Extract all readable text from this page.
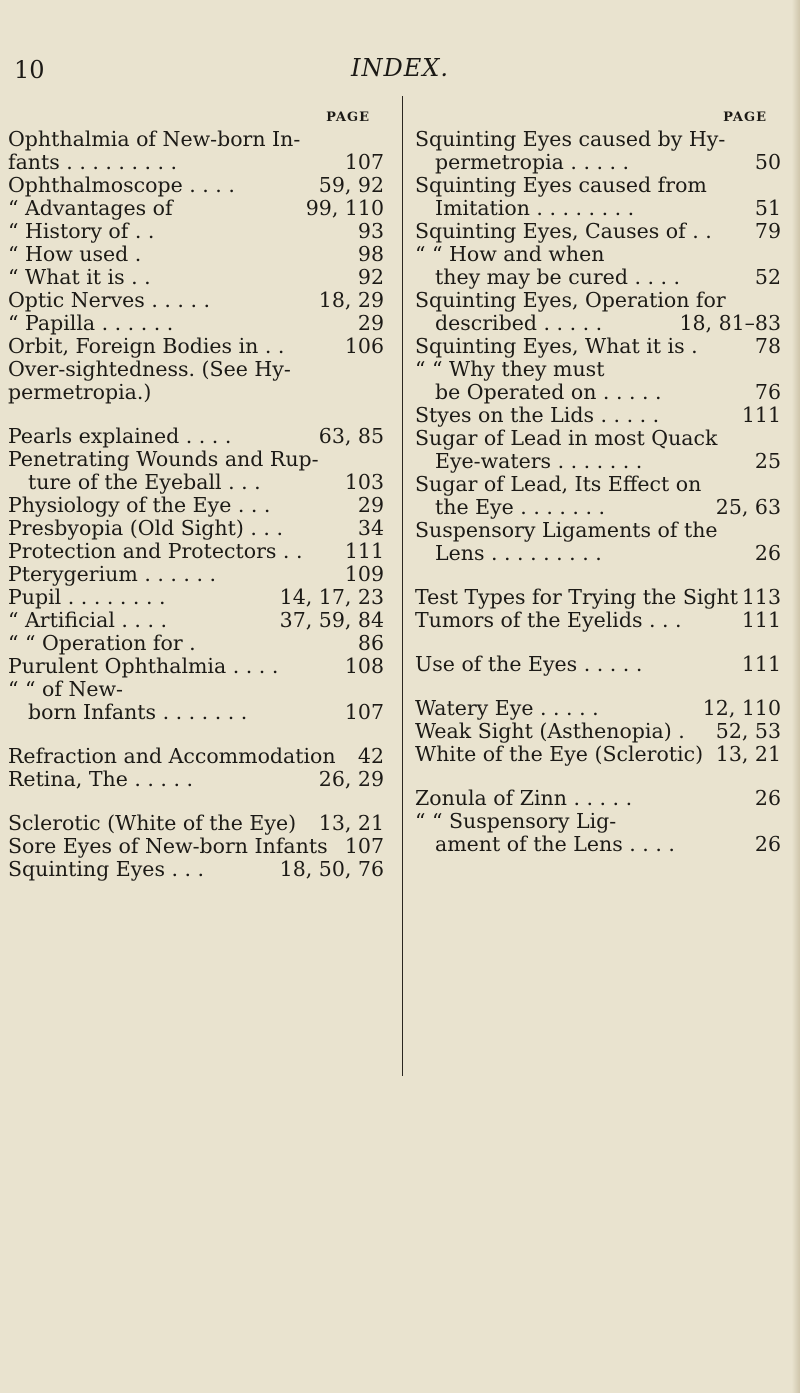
10	INDEX.
PAGE
Ophthalmia of New-born In-
fants . . . . . . . . .	107
Ophthalmoscope . . . .	59, 92
“ Advantages of	99, 110
“ History of . .	93
“ How used .	98
“ What it is . .	92
Optic Nerves . . . . .	18, 29
“ Papilla . . . . . .	29
Orbit, Foreign Bodies in . .	106
Over-sightedness. (See Hy-
permetropia.)
Pearls explained . . . .	63, 85
Penetrating Wounds and Rup-
ture of the Eyeball . . .	103
Physiology of the Eye . . .	29
Presbyopia (Old Sight) . . .	34
Protection and Protectors . . 111
Pterygerium . . . . . .	109
Pupil . . . . . . . .	14, 17, 23
“ Artificial . . . .	37, 59, 84
“ “ Operation for .	86
Purulent Ophthalmia . . . .	108
“ “ of New-
born Infants . . . . . . .	107
Refraction and Accommodation 42
Retina, The . . . . .	26, 29
Sclerotic (White of the Eye) 13, 21
Sore Eyes of New-born Infants 107
Squinting Eyes . . .	18, 50, 76
PAGE
Squinting Eyes caused by Hy-
permetropia . . . . .	50
Squinting Eyes caused from
Imitation . . . . . . . .	51
Squinting Eyes, Causes of . . 79
“ “ How and when
they may be cured . . . .	52
Squinting Eyes, Operation for
described . . . . .	18, 81–83
Squinting Eyes, What it is .	78
“ “ Why they must
be Operated on . . . . .	76
Styes on the Lids . . . . .	111
Sugar of Lead in most Quack
Eye-waters . . . . . . .	25
Sugar of Lead, Its Effect on
the Eye . . . . . . .	25, 63
Suspensory Ligaments of the
Lens . . . . . . . . .	26
Test Types for Trying the Sight 113
Tumors of the Eyelids . . .	111
Use of the Eyes . . . . .	111
Watery Eye . . . . .	12, 110
Weak Sight (Asthenopia) . 52, 53
White of the Eye (Sclerotic) 13, 21
Zonula of Zinn . . . . .	26
“ “ Suspensory Lig-
ament of the Lens . . . .	26
